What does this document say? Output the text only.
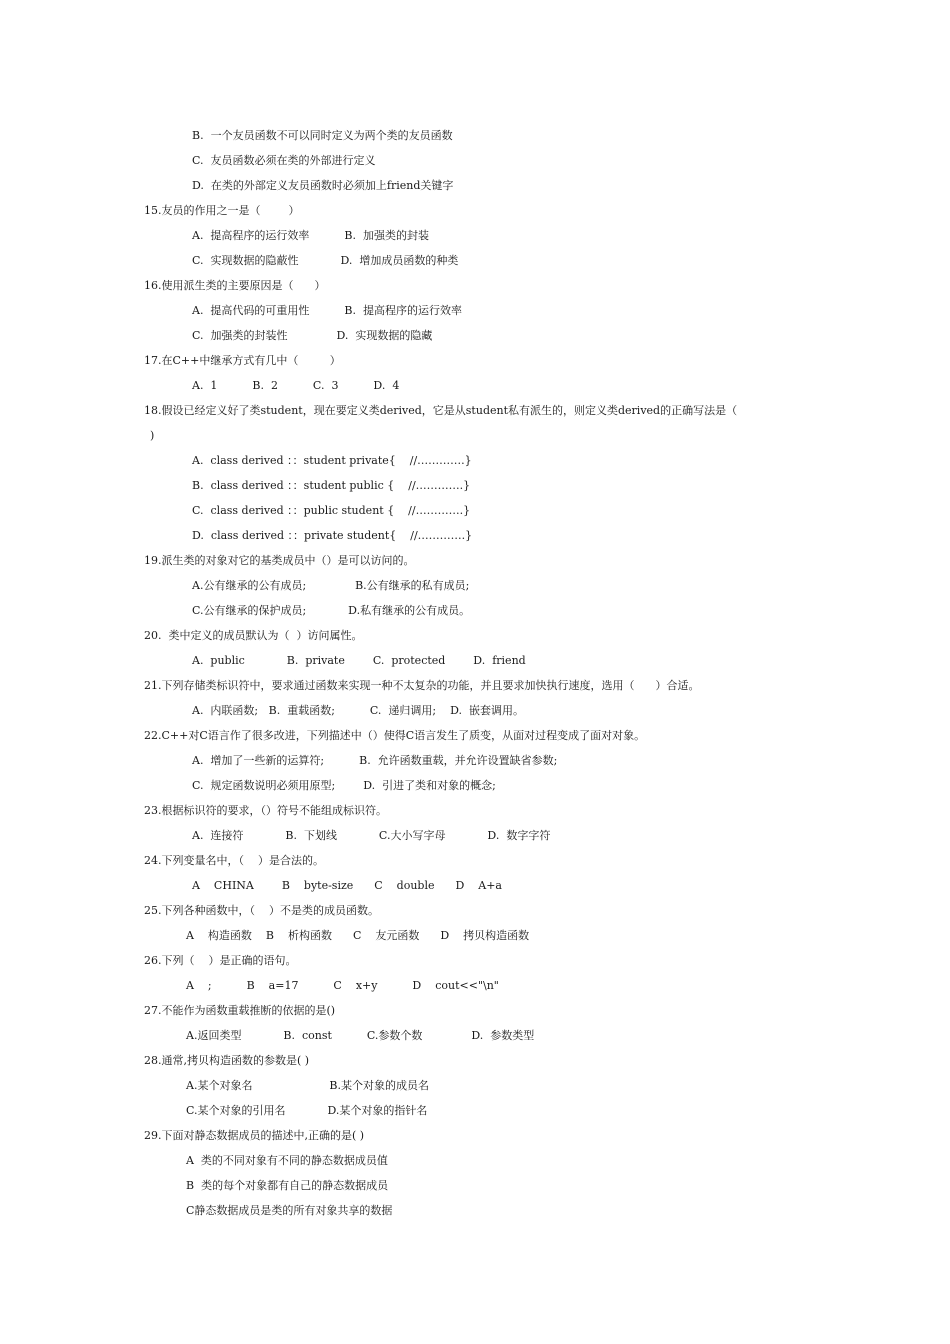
B.  一个友员函数不可以同时定义为两个类的友员函数
C.  友员函数必须在类的外部进行定义
D.  在类的外部定义友员函数时必须加上friend关键字
15.友员的作用之一是（        ）
A.  提高程序的运行效率          B.  加强类的封装
C.  实现数据的隐蔽性            D.  增加成员函数的种类
16.使用派生类的主要原因是（      ）
A.  提高代码的可重用性          B.  提高程序的运行效率
C.  加强类的封装性              D.  实现数据的隐藏
17.在C++中继承方式有几中（         ）
A.  1          B.  2          C.  3          D.  4
18.假设已经定义好了类student，现在要定义类derived，它是从student私有派生的，则定义类derived的正确写法是（
)
A.  class derived ：：student private{    //………….}
B.  class derived ：：student public {    //………….}
C.  class derived ：：public student {    //………….}
D.  class derived ：：private student{    //………….}
19.派生类的对象对它的基类成员中（）是可以访问的。
A.公有继承的公有成员;              B.公有继承的私有成员;
C.公有继承的保护成员;            D.私有继承的公有成员。
20.  类中定义的成员默认为（  ）访问属性。
A.  public            B.  private        C.  protected        D.  friend
21.下列存储类标识符中，要求通过函数来实现一种不太复杂的功能，并且要求加快执行速度，选用（      ）合适。
A.  内联函数;   B.  重载函数;          C.  递归调用;    D.  嵌套调用。
22.C++对C语言作了很多改进，下列描述中（）使得C语言发生了质变，从面对过程变成了面对对象。
A.  增加了一些新的运算符;          B.  允许函数重载，并允许设置缺省参数;
C.  规定函数说明必须用原型;        D.  引进了类和对象的概念;
23.根据标识符的要求，（）符号不能组成标识符。
A.  连接符            B.  下划线            C.大小写字母            D.  数字字符
24.下列变量名中，（    ）是合法的。
A    CHINA        B    byte-size      C    double      D    A+a
25.下列各种函数中，（    ）不是类的成员函数。
A    构造函数    B    析构函数      C    友元函数      D    拷贝构造函数
26.下列（    ）是正确的语句。
A    ;          B    a=17          C    x+y          D    cout<<"\n"
27.不能作为函数重载推断的依据的是()
A.返回类型            B.  const          C.参数个数              D.  参数类型
28.通常,拷贝构造函数的参数是( )
A.某个对象名                      B.某个对象的成员名
C.某个对象的引用名            D.某个对象的指针名
29.下面对静态数据成员的描述中,正确的是( )
A  类的不同对象有不同的静态数据成员值
B  类的每个对象都有自己的静态数据成员
C静态数据成员是类的所有对象共享的数据
